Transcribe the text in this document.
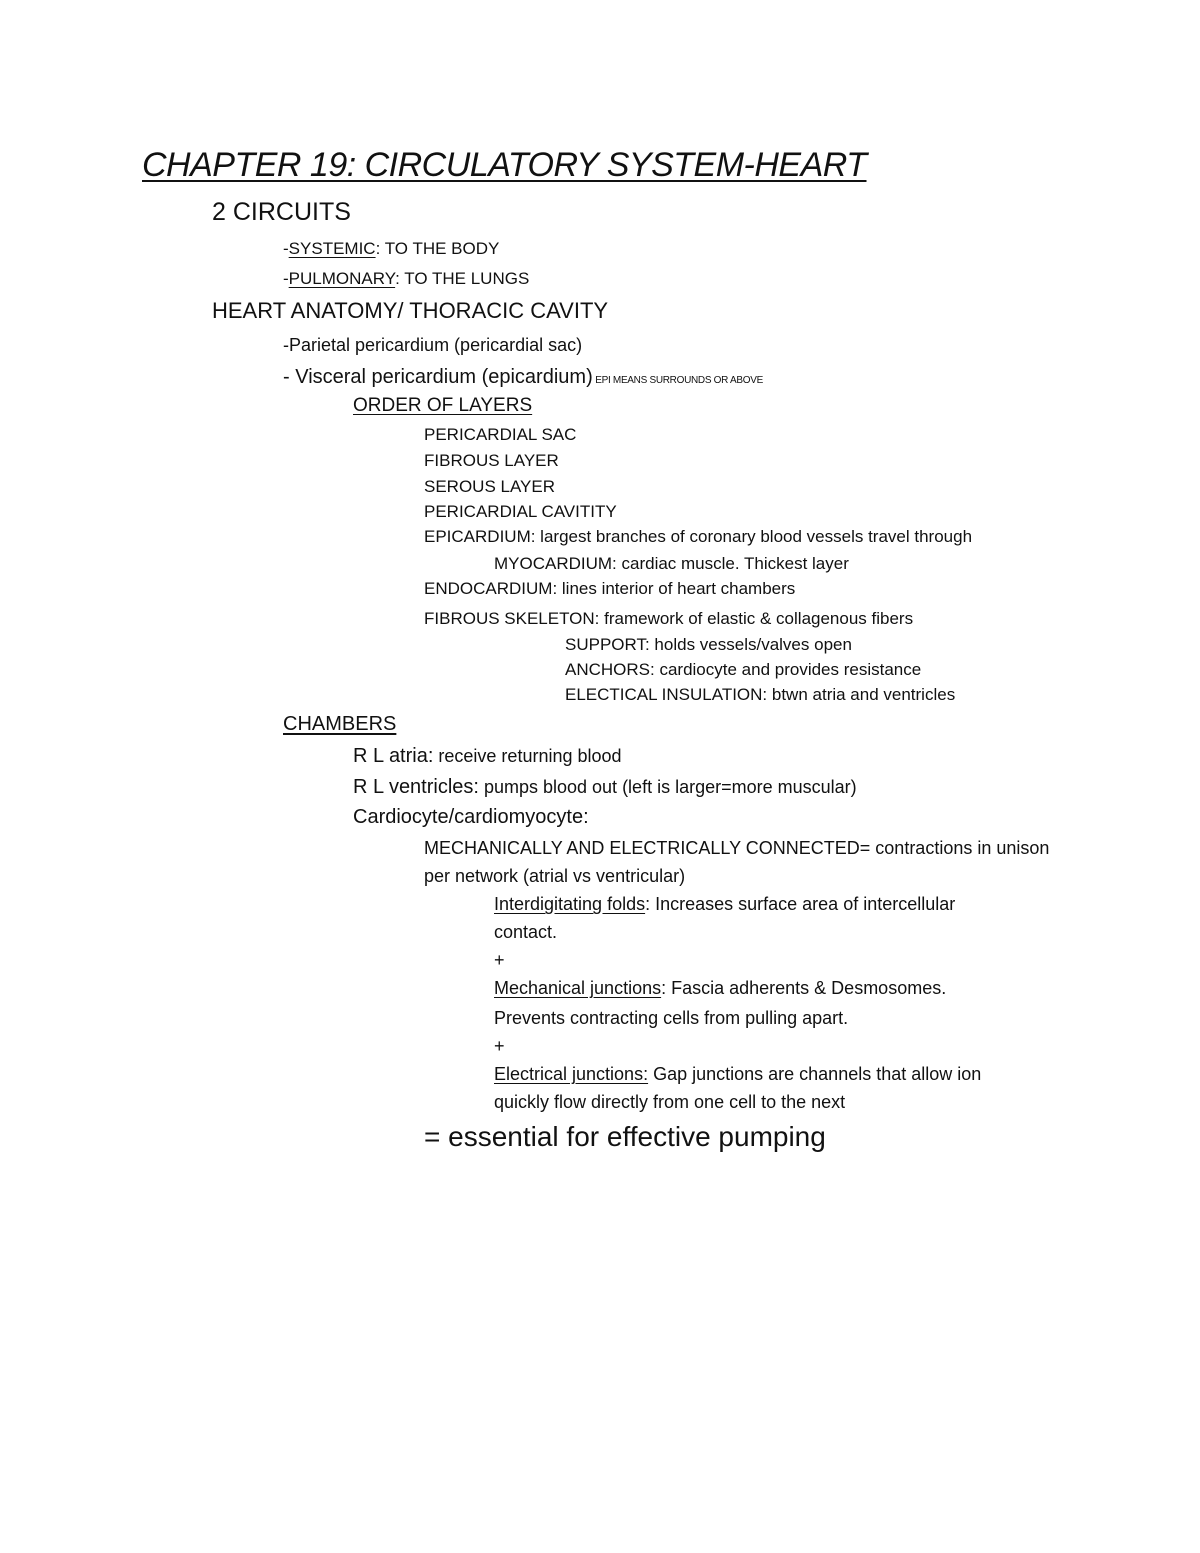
CHAPTER 19: CIRCULATORY SYSTEM-HEART
2 CIRCUITS
-SYSTEMIC: TO THE BODY
-PULMONARY: TO THE LUNGS
HEART ANATOMY/ THORACIC CAVITY
-Parietal pericardium (pericardial sac)
- Visceral pericardium (epicardium) EPI MEANS SURROUNDS OR ABOVE
ORDER OF LAYERS
PERICARDIAL SAC
FIBROUS LAYER
SEROUS LAYER
PERICARDIAL CAVITITY
EPICARDIUM: largest branches of coronary blood vessels travel through
MYOCARDIUM: cardiac muscle. Thickest layer
ENDOCARDIUM: lines interior of heart chambers
FIBROUS SKELETON: framework of elastic & collagenous fibers
SUPPORT: holds vessels/valves open
ANCHORS: cardiocyte and provides resistance
ELECTICAL INSULATION: btwn atria and ventricles
CHAMBERS
R L atria: receive returning blood
R L ventricles: pumps blood out (left is larger=more muscular)
Cardiocyte/cardiomyocyte:
MECHANICALLY AND ELECTRICALLY CONNECTED= contractions in unison
per network (atrial vs ventricular)
Interdigitating folds: Increases surface area of intercellular
contact.
+
Mechanical junctions: Fascia adherents & Desmosomes.
Prevents contracting cells from pulling apart.
+
Electrical junctions: Gap junctions are channels that allow ion
quickly flow directly from one cell to the next
= essential for effective pumping
